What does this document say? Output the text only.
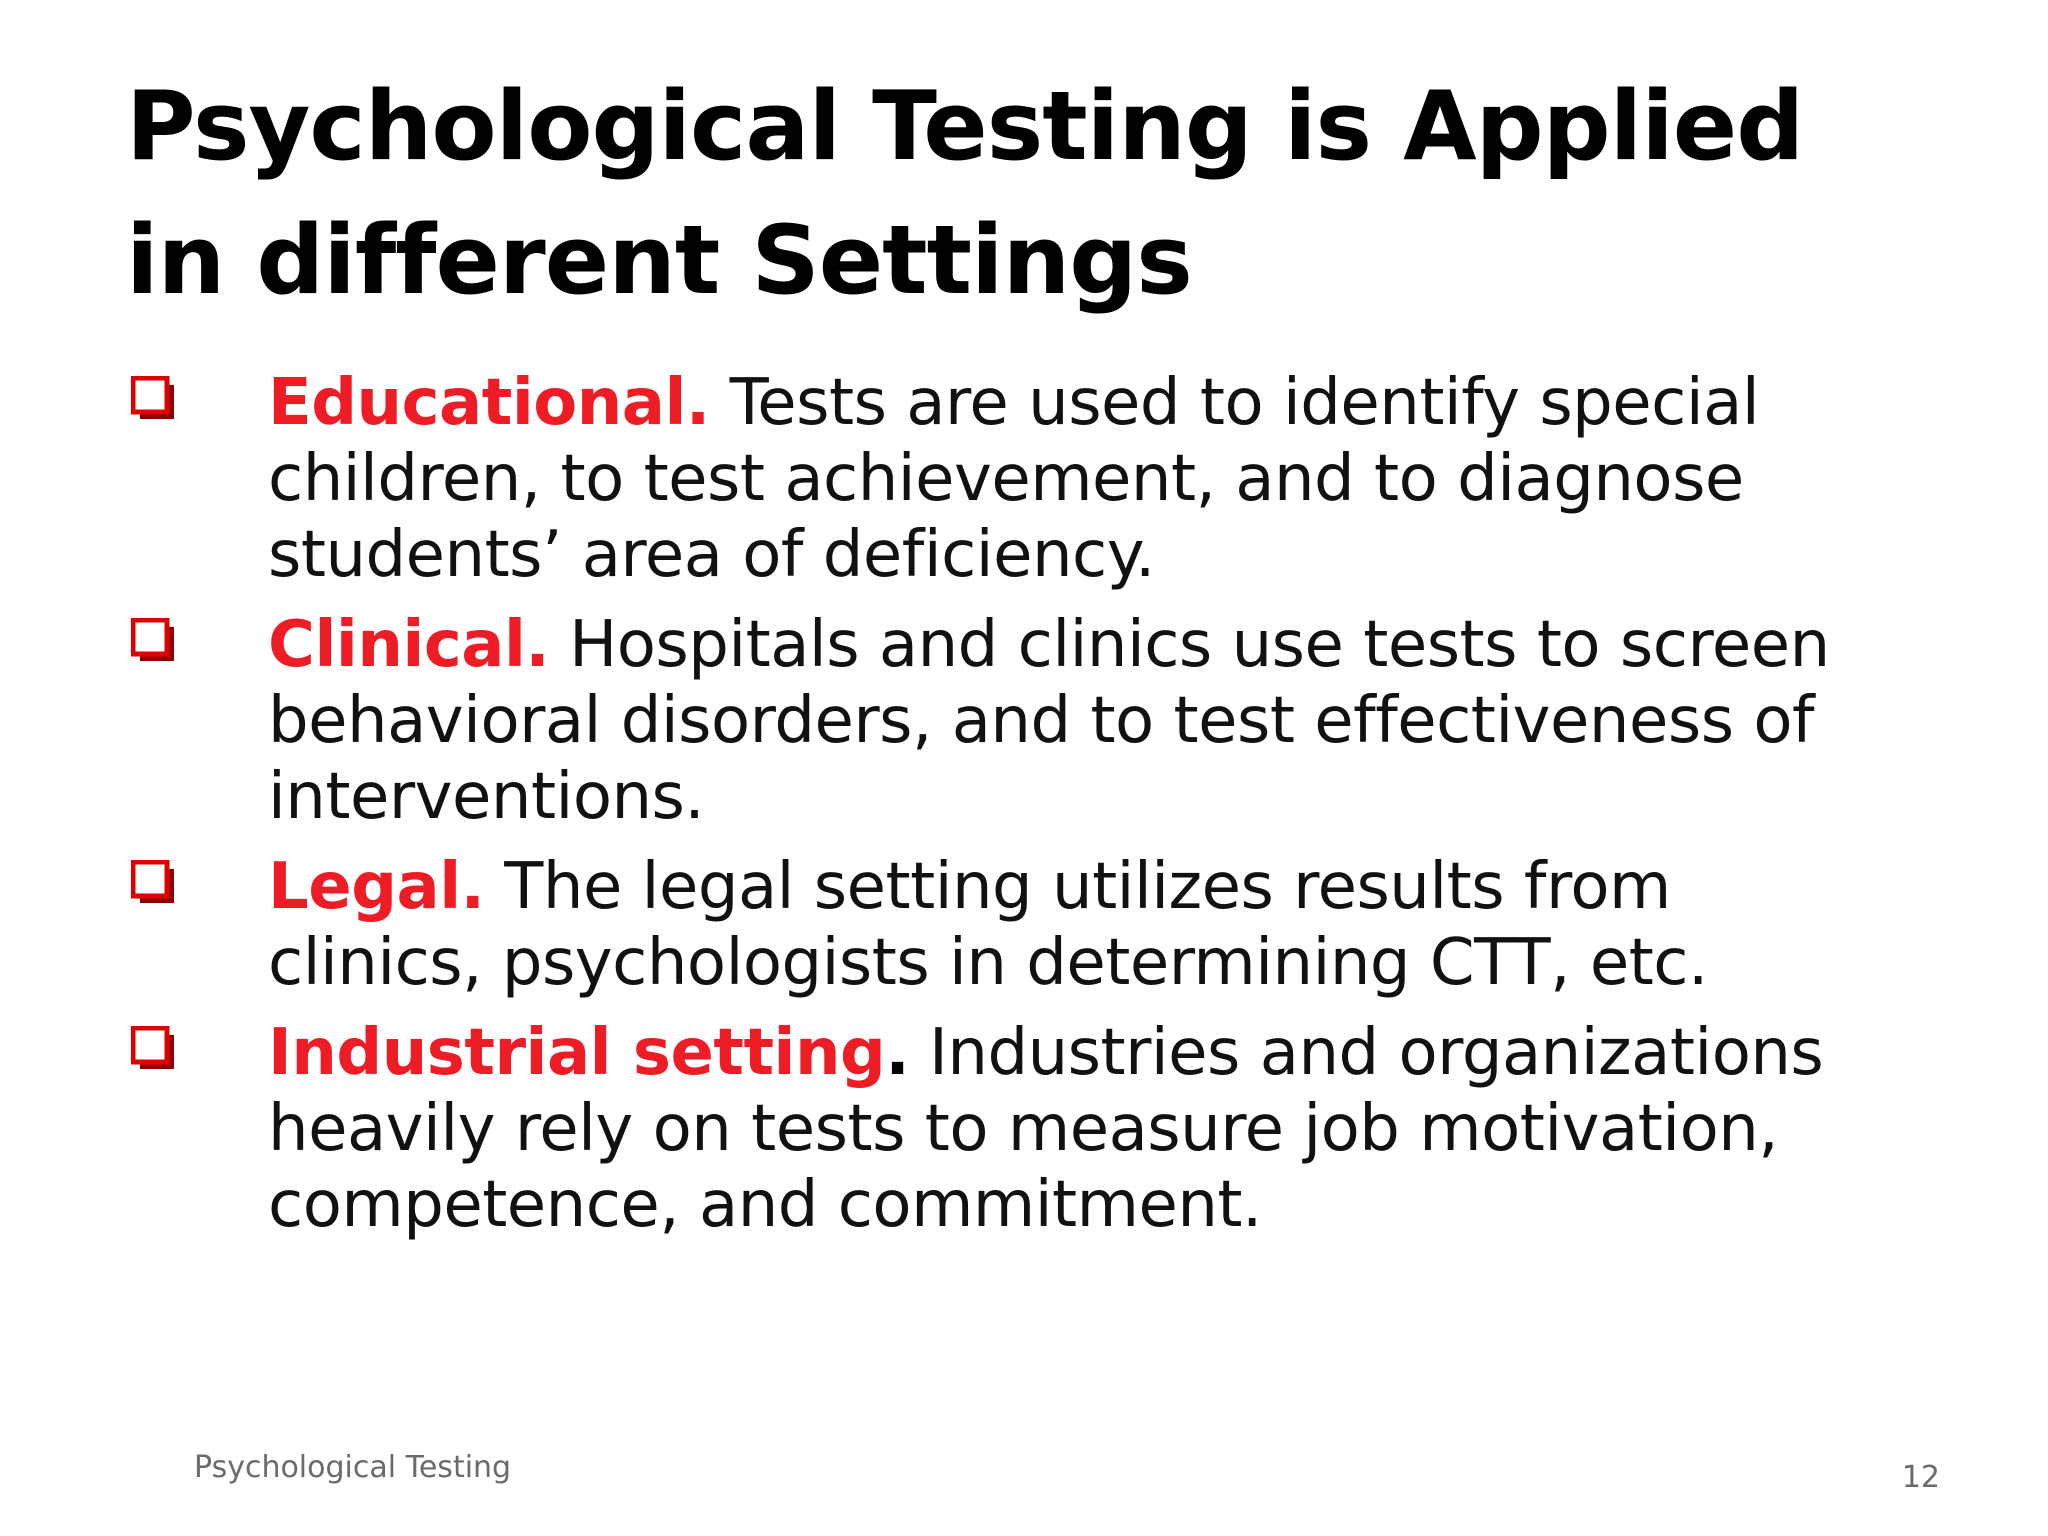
Psychological Testing is Applied in different Settings
Educational. Tests are used to identify special children, to test achievement, and to diagnose students’ area of deficiency.
Clinical. Hospitals and clinics use tests to screen behavioral disorders, and to test effectiveness of interventions.
Legal. The legal setting utilizes results from clinics, psychologists in determining CTT, etc.
Industrial setting. Industries and organizations heavily rely on tests to measure job motivation, competence, and commitment.
Psychological Testing	12
